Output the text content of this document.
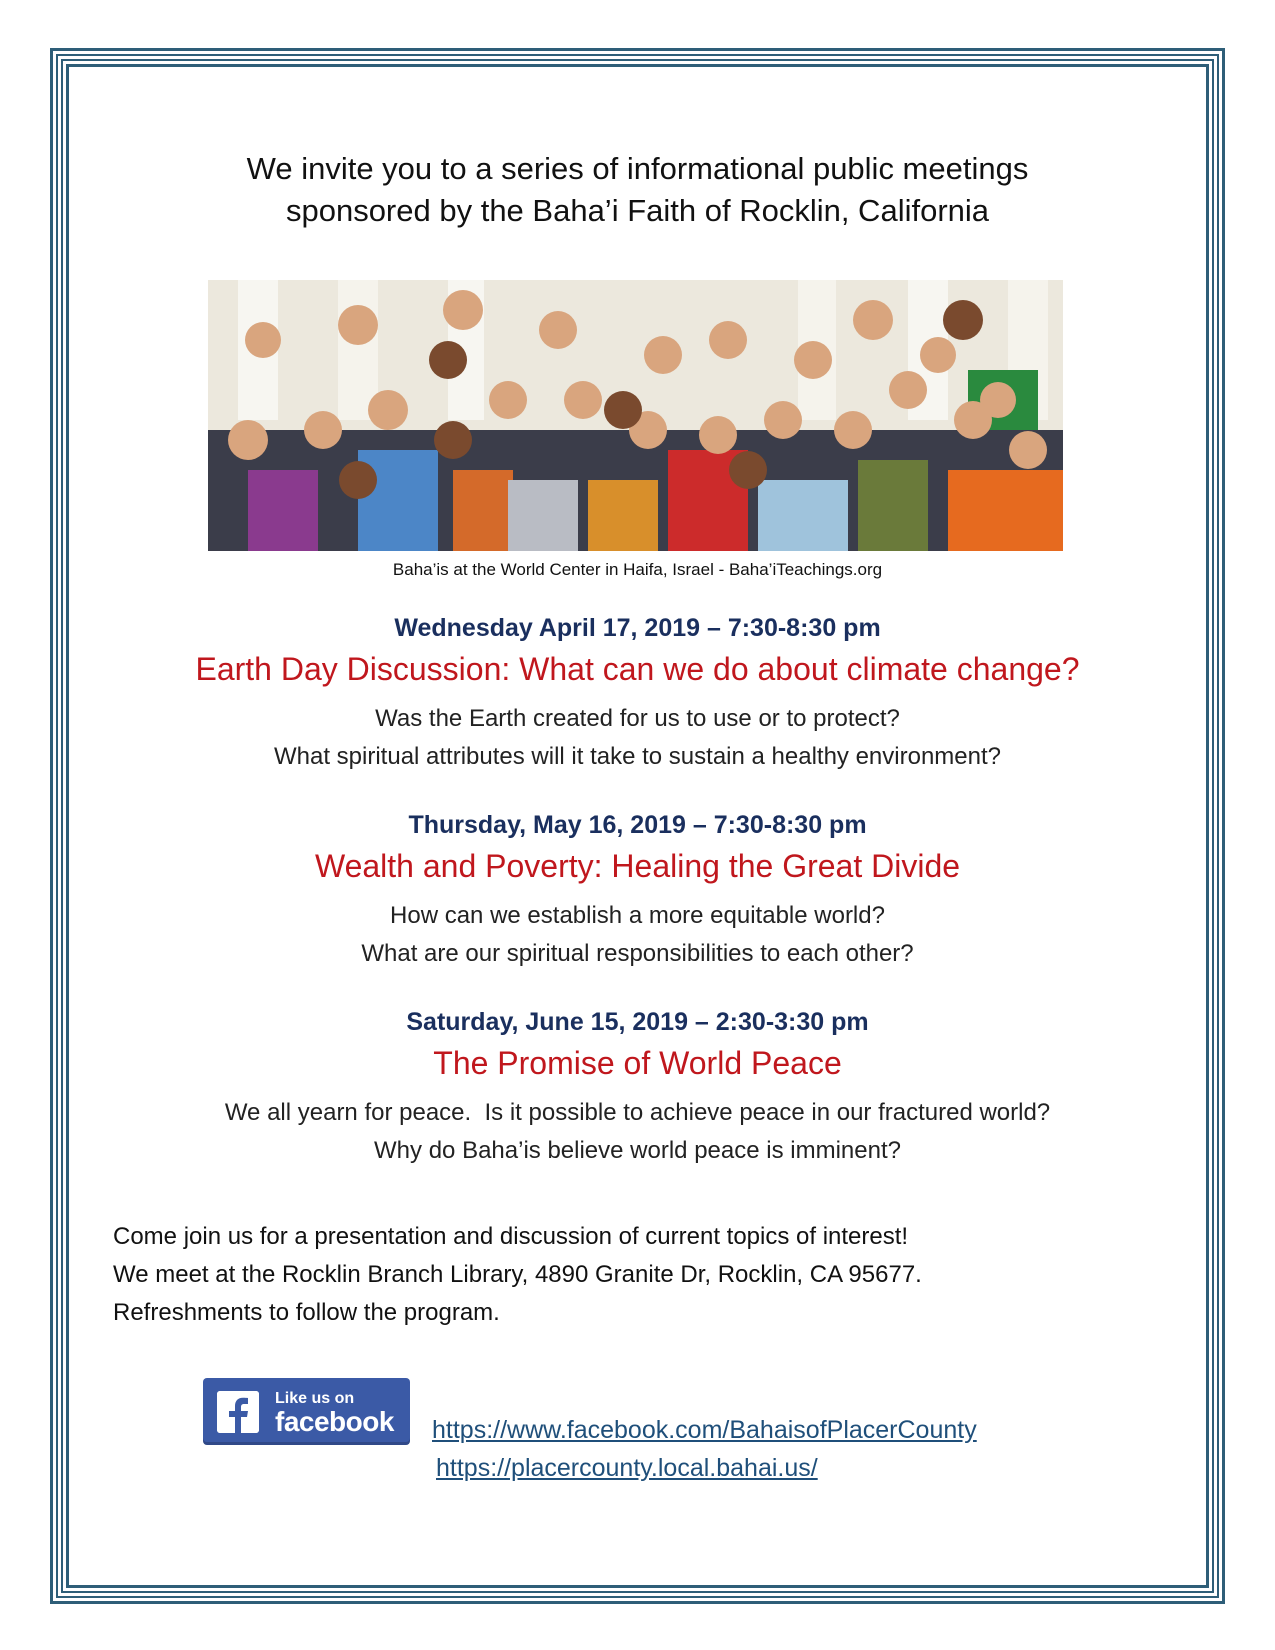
We invite you to a series of informational public meetings
sponsored by the Baha’i Faith of Rocklin, California
Baha’is at the World Center in Haifa, Israel - Baha’iTeachings.org
Wednesday April 17, 2019 – 7:30-8:30 pm
Earth Day Discussion: What can we do about climate change?
Was the Earth created for us to use or to protect?
What spiritual attributes will it take to sustain a healthy environment?
Thursday, May 16, 2019 – 7:30-8:30 pm
Wealth and Poverty: Healing the Great Divide
How can we establish a more equitable world?
What are our spiritual responsibilities to each other?
Saturday, June 15, 2019 – 2:30-3:30 pm
The Promise of World Peace
We all yearn for peace.  Is it possible to achieve peace in our fractured world?
Why do Baha’is believe world peace is imminent?
Come join us for a presentation and discussion of current topics of interest!
We meet at the Rocklin Branch Library, 4890 Granite Dr, Rocklin, CA 95677.
Refreshments to follow the program.
Like us on
facebook https://www.facebook.com/BahaisofPlacerCounty
https://placercounty.local.bahai.us/
